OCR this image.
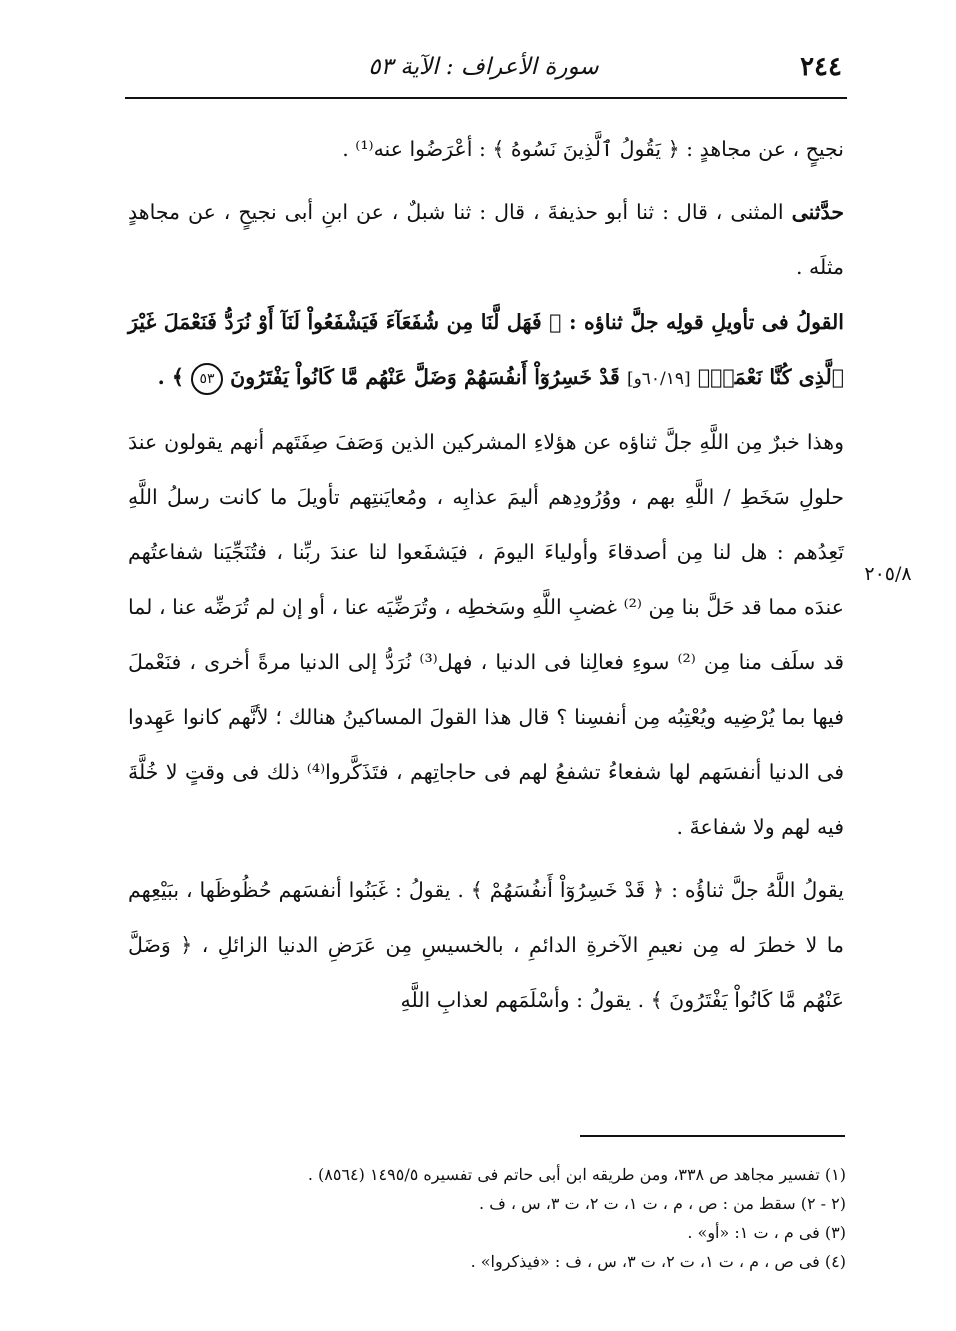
٢٤٤
سورة الأعراف : الآية ٥٣
٢٠٥/٨

نجيحٍ ، عن مجاهدٍ : ﴿ يَقُولُ ٱلَّذِينَ نَسُوهُ ﴾ : أعْرَضُوا عنه⁽¹⁾ .

حدَّثنى المثنى ، قال : ثنا أبو حذيفةَ ، قال : ثنا شبلٌ ، عن ابنِ أبى نجيحٍ ، عن مجاهدٍ مثلَه .

القولُ فى تأويلِ قولِه جلَّ ثناؤه : ﴿ فَهَل لَّنَا مِن شُفَعَآءَ فَيَشْفَعُواْ لَنَآ أَوْ نُرَدُّ فَنَعْمَلَ غَيْرَ ٱلَّذِى كُنَّا نَعْمَلُۚ [٦٠/١٩و] قَدْ خَسِرُوٓاْ أَنفُسَهُمْ وَضَلَّ عَنْهُم مَّا كَانُواْ يَفْتَرُونَ ٥٣ ﴾ .

وهذا خبرٌ مِن اللَّهِ جلَّ ثناؤه عن هؤلاءِ المشركين الذين وَصَفَ صِفَتَهم أنهم يقولون عندَ حلولِ سَخَطِ / اللَّهِ بهم ، ووُرُودِهم أليمَ عذابِه ، ومُعايَنتِهم تأويلَ ما كانت رسلُ اللَّهِ تَعِدُهم : هل لنا مِن أصدقاءَ وأولياءَ اليومَ ، فيَشفَعوا لنا عندَ ربِّنا ، فتُنَجِّيَنا شفاعتُهم عندَه مما قد حَلَّ بنا مِن ⁽²⁾ غضبِ اللَّهِ وسَخطِه ، وتُرَضِّيَه عنا ، أو إن لم تُرَضِّه عنا ، لما قد سلَف منا مِن ⁽²⁾ سوءِ فعالِنا فى الدنيا ، فهل⁽³⁾ نُرَدُّ إلى الدنيا مرةً أخرى ، فنَعْملَ فيها بما يُرْضِيه ويُعْتِبُه مِن أنفسِنا ؟ قال هذا القولَ المساكينُ هنالك ؛ لأنَّهم كانوا عَهِدوا فى الدنيا أنفسَهم لها شفعاءُ تشفعُ لهم فى حاجاتِهم ، فتَذَكَّروا⁽⁴⁾ ذلك فى وقتٍ لا خُلَّةَ فيه لهم ولا شفاعةَ .

يقولُ اللَّهُ جلَّ ثناؤُه : ﴿ قَدْ خَسِرُوٓاْ أَنفُسَهُمْ ﴾ . يقولُ : غَبَنُوا أنفسَهم حُظُوظَها ، ببَيْعِهم ما لا خطرَ له مِن نعيمِ الآخرةِ الدائمِ ، بالخسيسِ مِن عَرَضِ الدنيا الزائلِ ، ﴿ وَضَلَّ عَنْهُم مَّا كَانُواْ يَفْتَرُونَ ﴾ . يقولُ : وأسْلَمَهم لعذابِ اللَّهِ

(١) تفسير مجاهد ص ٣٣٨، ومن طريقه ابن أبى حاتم فى تفسيره ١٤٩٥/٥ (٨٥٦٤) .

(٢ - ٢) سقط من : ص ، م ، ت ١، ت ٢، ت ٣، س ، ف .

(٣) فى م ، ت ١: «أو» .

(٤) فى ص ، م ، ت ١، ت ٢، ت ٣، س ، ف : «فيذكروا» .
